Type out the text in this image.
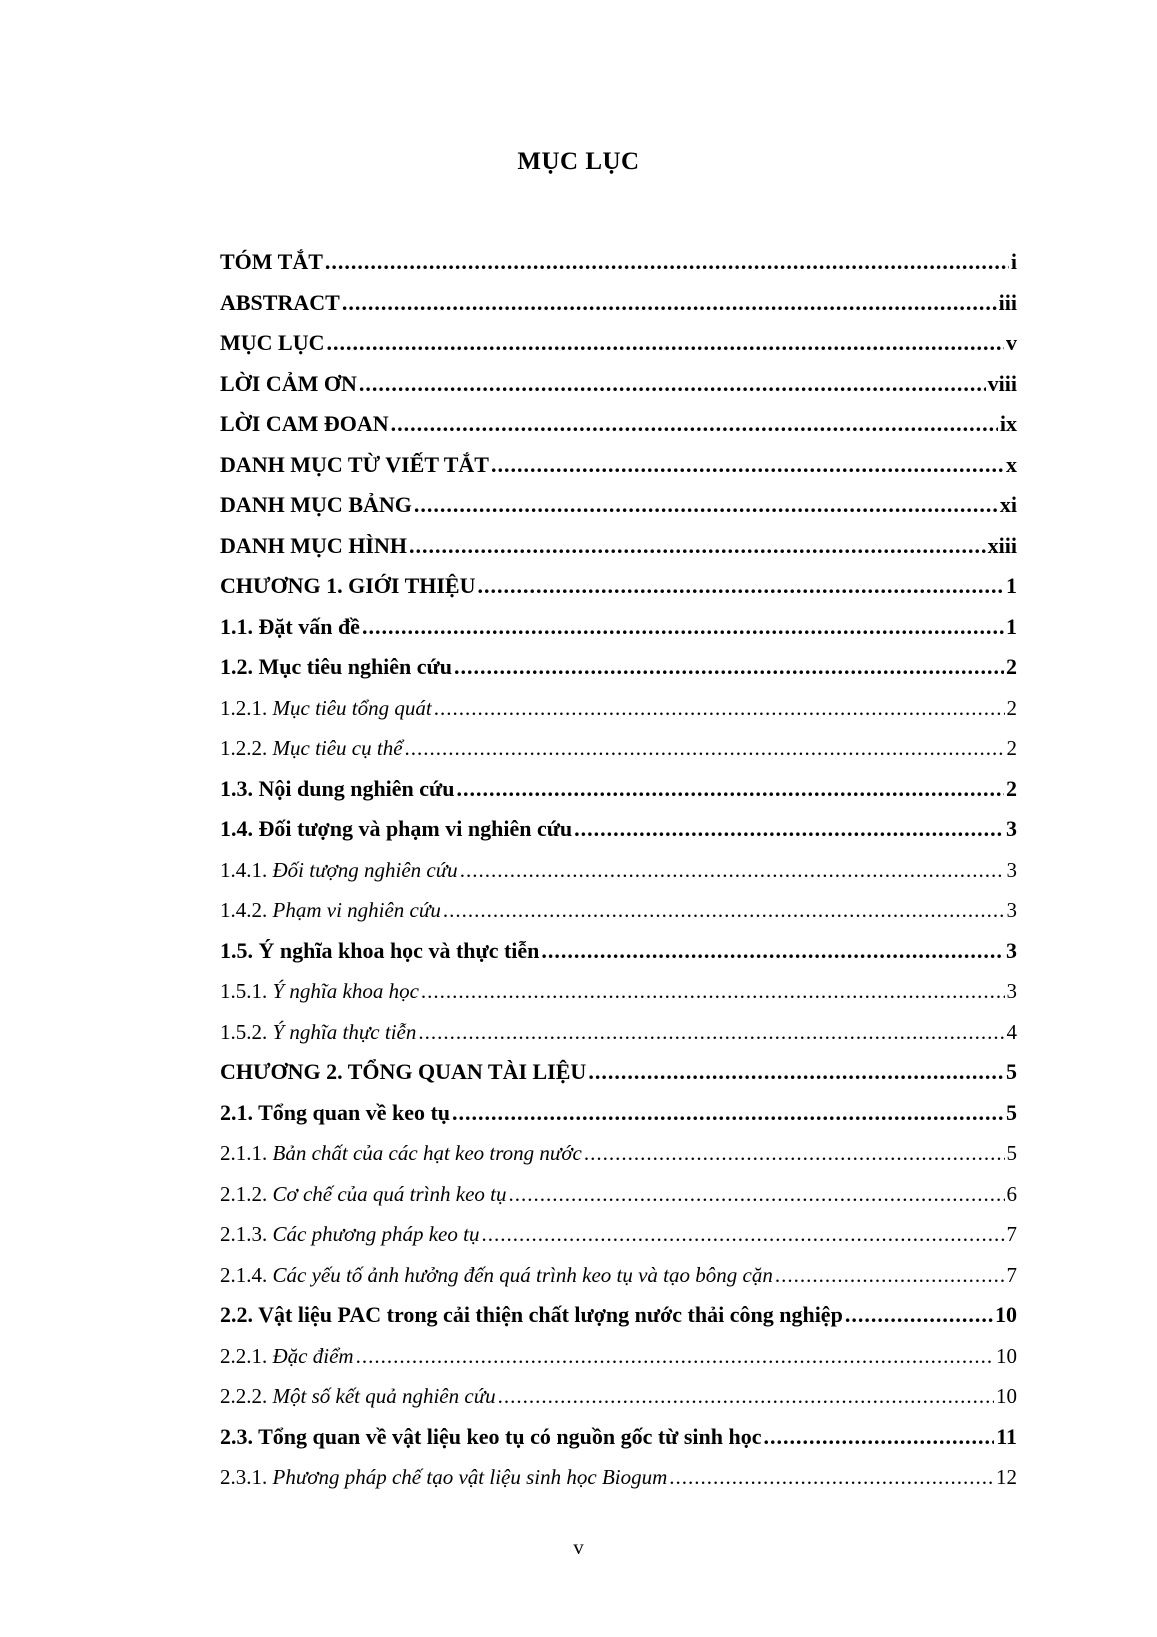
MỤC LỤC
TÓM TẮT .....	i
ABSTRACT .....	iii
MỤC LỤC .....	v
LỜI CẢM ƠN .....	viii
LỜI CAM ĐOAN .....	ix
DANH MỤC TỪ VIẾT TẮT .....	x
DANH MỤC BẢNG .....	xi
DANH MỤC HÌNH .....	xiii
CHƯƠNG 1. GIỚI THIỆU .....	1
1.1. Đặt vấn đề .....	1
1.2. Mục tiêu nghiên cứu .....	2
1.2.1. Mục tiêu tổng quát .....	2
1.2.2. Mục tiêu cụ thể .....	2
1.3. Nội dung nghiên cứu .....	2
1.4. Đối tượng và phạm vi nghiên cứu .....	3
1.4.1. Đối tượng nghiên cứu .....	3
1.4.2. Phạm vi nghiên cứu .....	3
1.5. Ý nghĩa khoa học và thực tiễn .....	3
1.5.1. Ý nghĩa khoa học .....	3
1.5.2. Ý nghĩa thực tiễn .....	4
CHƯƠNG 2. TỔNG QUAN TÀI LIỆU .....	5
2.1. Tổng quan về keo tụ .....	5
2.1.1. Bản chất của các hạt keo trong nước .....	5
2.1.2. Cơ chế của quá trình keo tụ .....	6
2.1.3. Các phương pháp keo tụ .....	7
2.1.4. Các yếu tố ảnh hưởng đến quá trình keo tụ và tạo bông cặn .....	7
2.2. Vật liệu PAC trong cải thiện chất lượng nước thải công nghiệp .....	10
2.2.1. Đặc điểm .....	10
2.2.2. Một số kết quả nghiên cứu .....	10
2.3. Tổng quan về vật liệu keo tụ có nguồn gốc từ sinh học .....	11
2.3.1. Phương pháp chế tạo vật liệu sinh học Biogum .....	12
v
